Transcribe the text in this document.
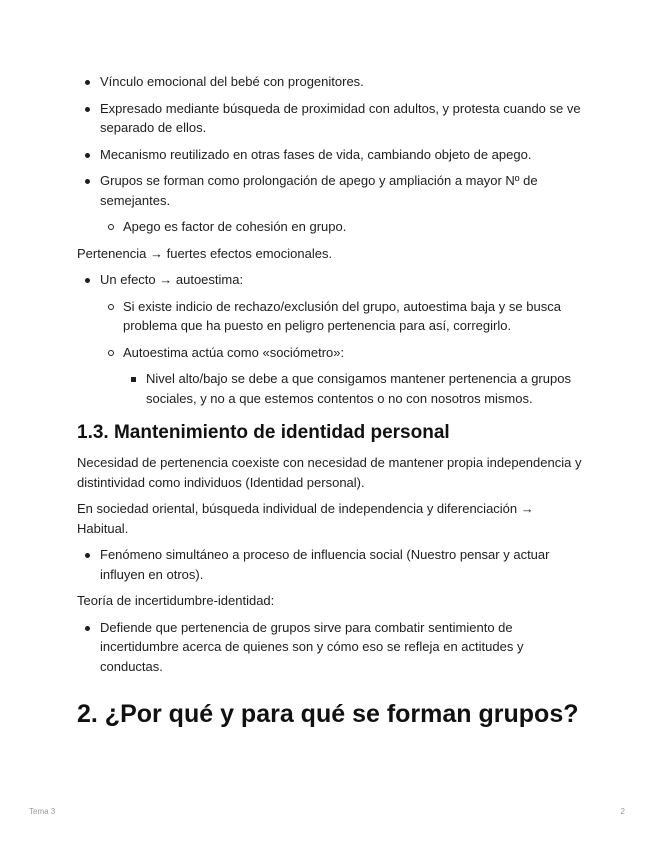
Vínculo emocional del bebé con progenitores.
Expresado mediante búsqueda de proximidad con adultos, y protesta cuando se ve separado de ellos.
Mecanismo reutilizado en otras fases de vida, cambiando objeto de apego.
Grupos se forman como prolongación de apego y ampliación a mayor Nº de semejantes.
Apego es factor de cohesión en grupo.

Pertenencia → fuertes efectos emocionales.

Un efecto → autoestima:
Si existe indicio de rechazo/exclusión del grupo, autoestima baja y se busca problema que ha puesto en peligro pertenencia para así, corregirlo.
Autoestima actúa como «sociómetro»:
Nivel alto/bajo se debe a que consigamos mantener pertenencia a grupos sociales, y no a que estemos contentos o no con nosotros mismos.
1.3. Mantenimiento de identidad personal

Necesidad de pertenencia coexiste con necesidad de mantener propia independencia y distintividad como individuos (Identidad personal).

En sociedad oriental, búsqueda individual de independencia y diferenciación → Habitual.

Fenómeno simultáneo a proceso de influencia social (Nuestro pensar y actuar influyen en otros).

Teoría de incertidumbre-identidad:

Defiende que pertenencia de grupos sirve para combatir sentimiento de incertidumbre acerca de quienes son y cómo eso se refleja en actitudes y conductas.
2. ¿Por qué y para qué se forman grupos?
Tema 3	2
